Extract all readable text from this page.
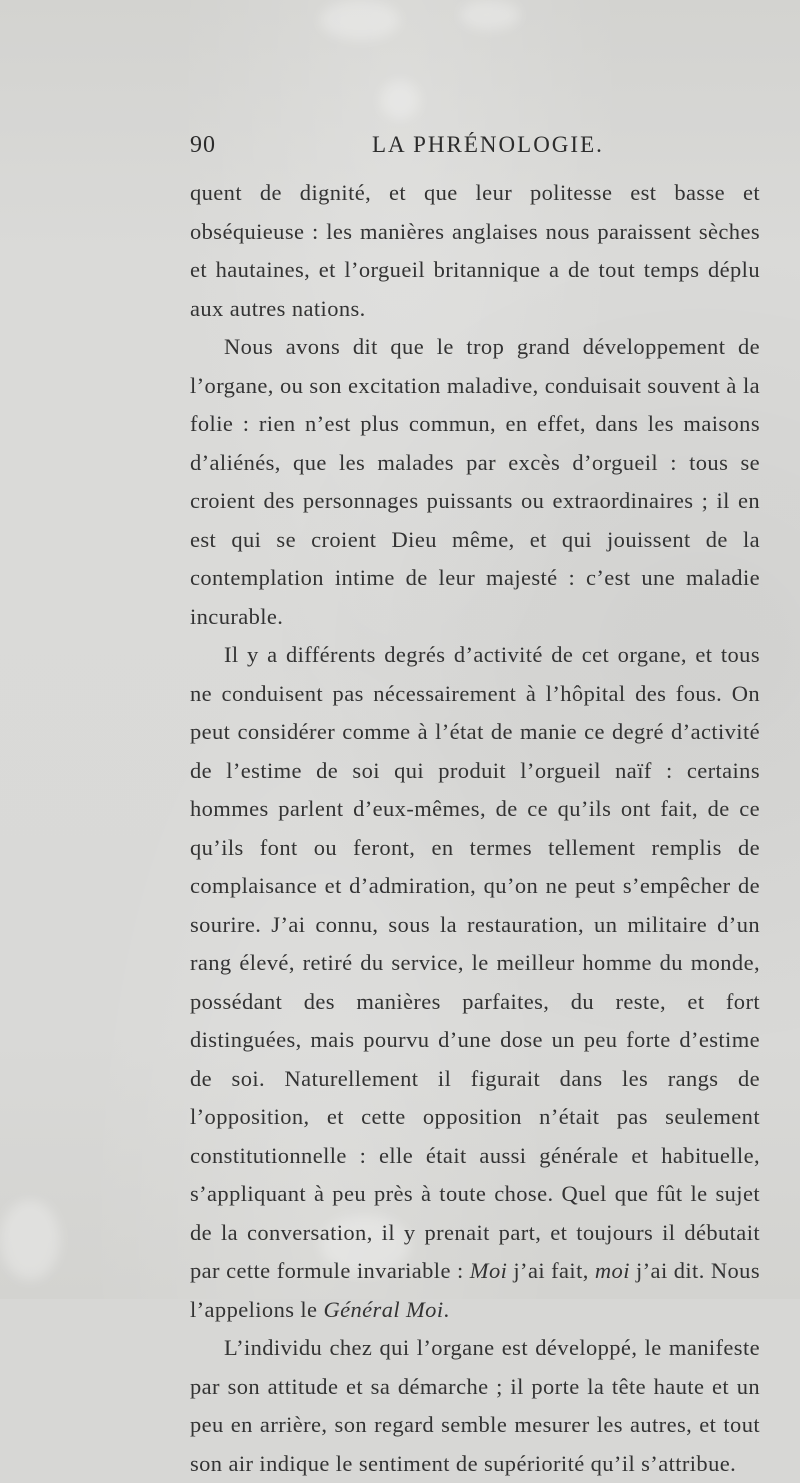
90	LA PHRÉNOLOGIE.

quent de dignité, et que leur politesse est basse et obséquieuse : les manières anglaises nous paraissent sèches et hautaines, et l’orgueil britannique a de tout temps déplu aux autres nations.

Nous avons dit que le trop grand développement de l’organe, ou son excitation maladive, conduisait souvent à la folie : rien n’est plus commun, en effet, dans les maisons d’aliénés, que les malades par excès d’orgueil : tous se croient des personnages puissants ou extraordinaires ; il en est qui se croient Dieu même, et qui jouissent de la contemplation intime de leur majesté : c’est une maladie incurable.

Il y a différents degrés d’activité de cet organe, et tous ne conduisent pas nécessairement à l’hôpital des fous. On peut considérer comme à l’état de manie ce degré d’activité de l’estime de soi qui produit l’orgueil naïf : certains hommes parlent d’eux-mêmes, de ce qu’ils ont fait, de ce qu’ils font ou feront, en termes tellement remplis de complaisance et d’admiration, qu’on ne peut s’empêcher de sourire. J’ai connu, sous la restauration, un militaire d’un rang élevé, retiré du service, le meilleur homme du monde, possédant des manières parfaites, du reste, et fort distinguées, mais pourvu d’une dose un peu forte d’estime de soi. Naturellement il figurait dans les rangs de l’opposition, et cette opposition n’était pas seulement constitutionnelle : elle était aussi générale et habituelle, s’appliquant à peu près à toute chose. Quel que fût le sujet de la conversation, il y prenait part, et toujours il débutait par cette formule invariable : Moi j’ai fait, moi j’ai dit. Nous l’appelions le Général Moi.

L’individu chez qui l’organe est développé, le manifeste par son attitude et sa démarche ; il porte la tête haute et un peu en arrière, son regard semble mesurer les autres, et tout son air indique le sentiment de supériorité qu’il s’attribue.
